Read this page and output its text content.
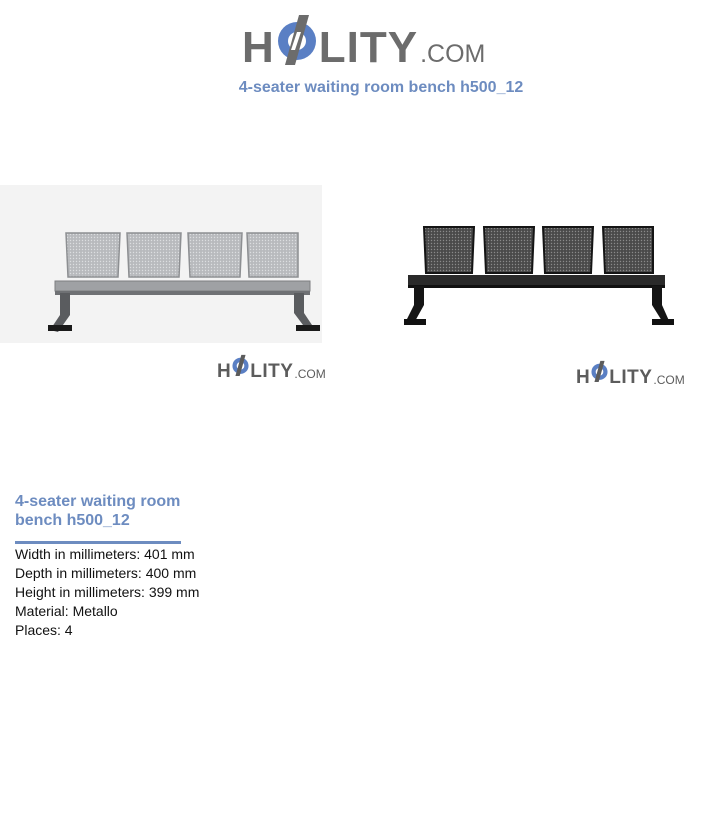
H LITY .COM
4-seater waiting room bench h500_12
H LITY .COM	H LITY .COM
4-seater waiting room bench h500_12
Width in millimeters: 401 mm
Depth in millimeters: 400 mm
Height in millimeters: 399 mm
Material: Metallo
Places: 4
